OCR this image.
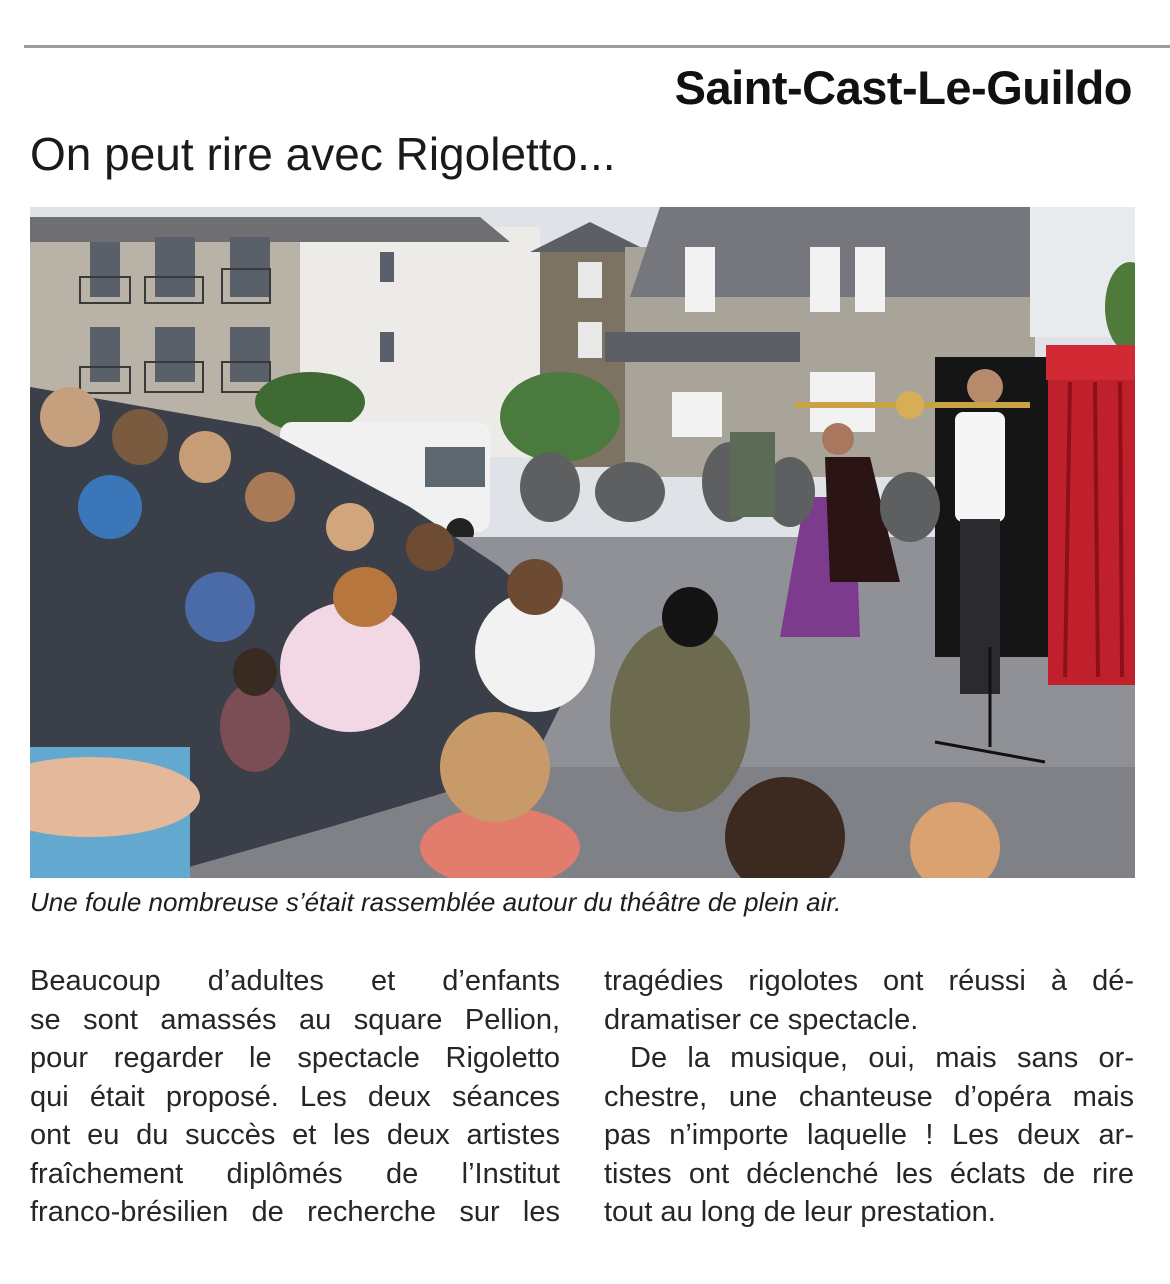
Saint-Cast-Le-Guildo
On peut rire avec Rigoletto...
Une foule nombreuse s’était rassemblée autour du théâtre de plein air.
Beaucoup d’adultes et d’enfants
se sont amassés au square Pellion,
pour regarder le spectacle Rigoletto
qui était proposé. Les deux séances
ont eu du succès et les deux artistes
fraîchement diplômés de l’Institut
franco-brésilien de recherche sur les
tragédies rigolotes ont réussi à dé-
dramatiser ce spectacle.
De la musique, oui, mais sans or-
chestre, une chanteuse d’opéra mais
pas n’importe laquelle ! Les deux ar-
tistes ont déclenché les éclats de rire
tout au long de leur prestation.
